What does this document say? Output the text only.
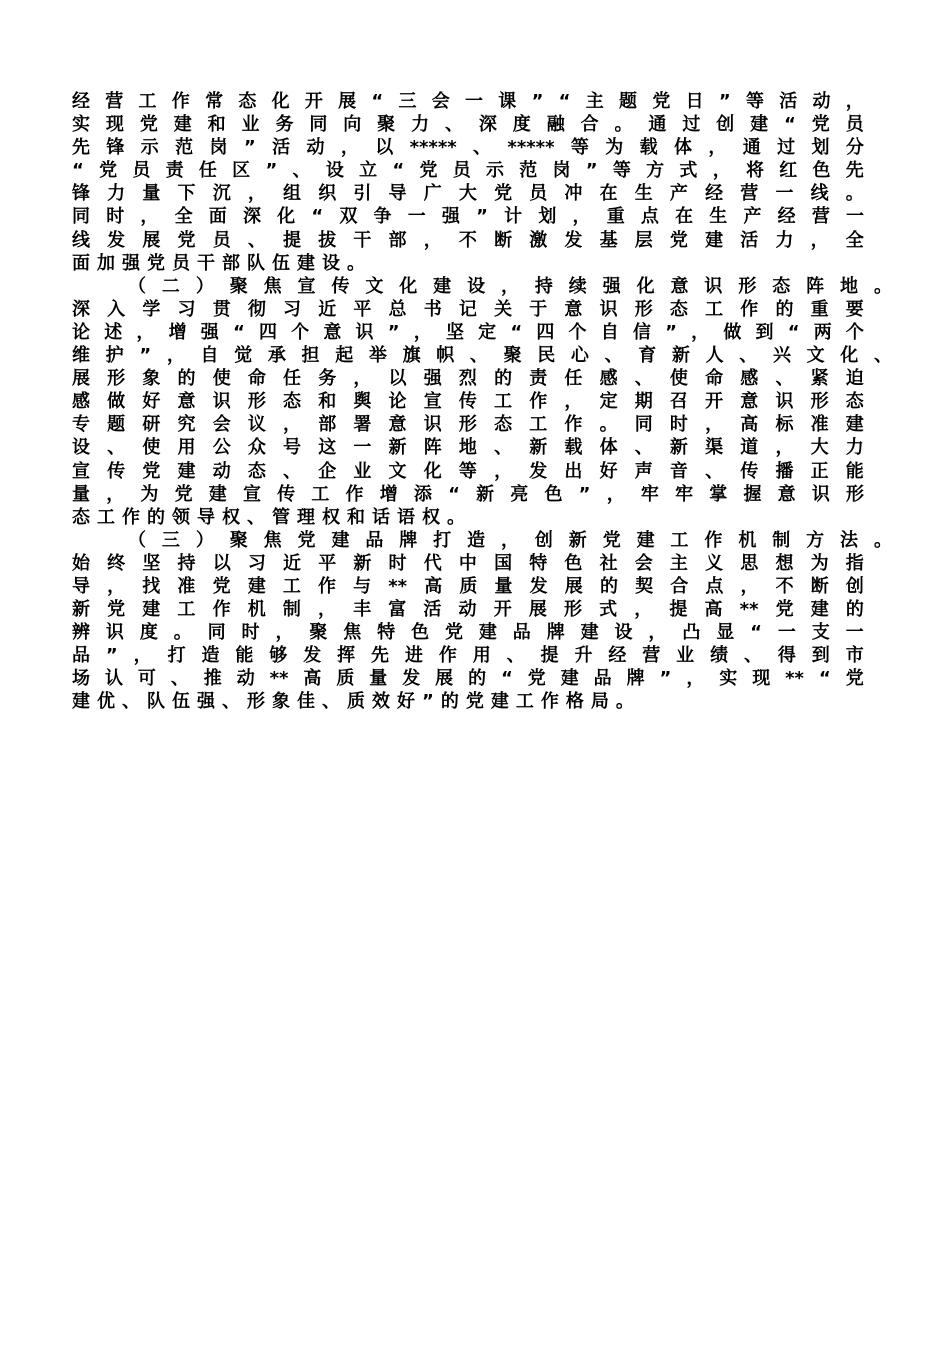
经 营 工 作 常 态 化 开 展 “ 三 会 一 课 ” “ 主 题 党 日 ” 等 活 动 ，
实 现 党 建 和 业 务 同 向 聚 力 、 深 度 融 合 。 通 过 创 建 “ 党 员
先 锋 示 范 岗 ” 活 动 ， 以 ***** 、 ***** 等 为 载 体 ， 通 过 划 分
“ 党 员 责 任 区 ” 、 设 立 “ 党 员 示 范 岗 ” 等 方 式 ， 将 红 色 先
锋 力 量 下 沉 ， 组 织 引 导 广 大 党 员 冲 在 生 产 经 营 一 线 。
同 时 ， 全 面 深 化 “ 双 争 一 强 ” 计 划 ， 重 点 在 生 产 经 营 一
线 发 展 党 员 、 提 拔 干 部 ， 不 断 激 发 基 层 党 建 活 力 ， 全
面加强党员干部队伍建设。
（ 二 ） 聚 焦 宣 传 文 化 建 设 ， 持 续 强 化 意 识 形 态 阵 地 。
深 入 学 习 贯 彻 习 近 平 总 书 记 关 于 意 识 形 态 工 作 的 重 要
论 述 ， 增 强 “ 四 个 意 识 ” ， 坚 定 “ 四 个 自 信 ” ， 做 到 “ 两 个
维 护 ” ， 自 觉 承 担 起 举 旗 帜 、 聚 民 心 、 育 新 人 、 兴 文 化 、
展 形 象 的 使 命 任 务 ， 以 强 烈 的 责 任 感 、 使 命 感 、 紧 迫
感 做 好 意 识 形 态 和 舆 论 宣 传 工 作 ， 定 期 召 开 意 识 形 态
专 题 研 究 会 议 ， 部 署 意 识 形 态 工 作 。 同 时 ， 高 标 准 建
设 、 使 用 公 众 号 这 一 新 阵 地 、 新 载 体 、 新 渠 道 ， 大 力
宣 传 党 建 动 态 、 企 业 文 化 等 ， 发 出 好 声 音 、 传 播 正 能
量 ， 为 党 建 宣 传 工 作 增 添 “ 新 亮 色 ” ， 牢 牢 掌 握 意 识 形
态工作的领导权、管理权和话语权。
（ 三 ） 聚 焦 党 建 品 牌 打 造 ， 创 新 党 建 工 作 机 制 方 法 。
始 终 坚 持 以 习 近 平 新 时 代 中 国 特 色 社 会 主 义 思 想 为 指
导 ， 找 准 党 建 工 作 与 ** 高 质 量 发 展 的 契 合 点 ， 不 断 创
新 党 建 工 作 机 制 ， 丰 富 活 动 开 展 形 式 ， 提 高 ** 党 建 的
辨 识 度 。 同 时 ， 聚 焦 特 色 党 建 品 牌 建 设 ， 凸 显 “ 一 支 一
品 ” ， 打 造 能 够 发 挥 先 进 作 用 、 提 升 经 营 业 绩 、 得 到 市
场 认 可 、 推 动 ** 高 质 量 发 展 的 “ 党 建 品 牌 ” ， 实 现 ** “ 党
建优、队伍强、形象佳、质效好”的党建工作格局。
